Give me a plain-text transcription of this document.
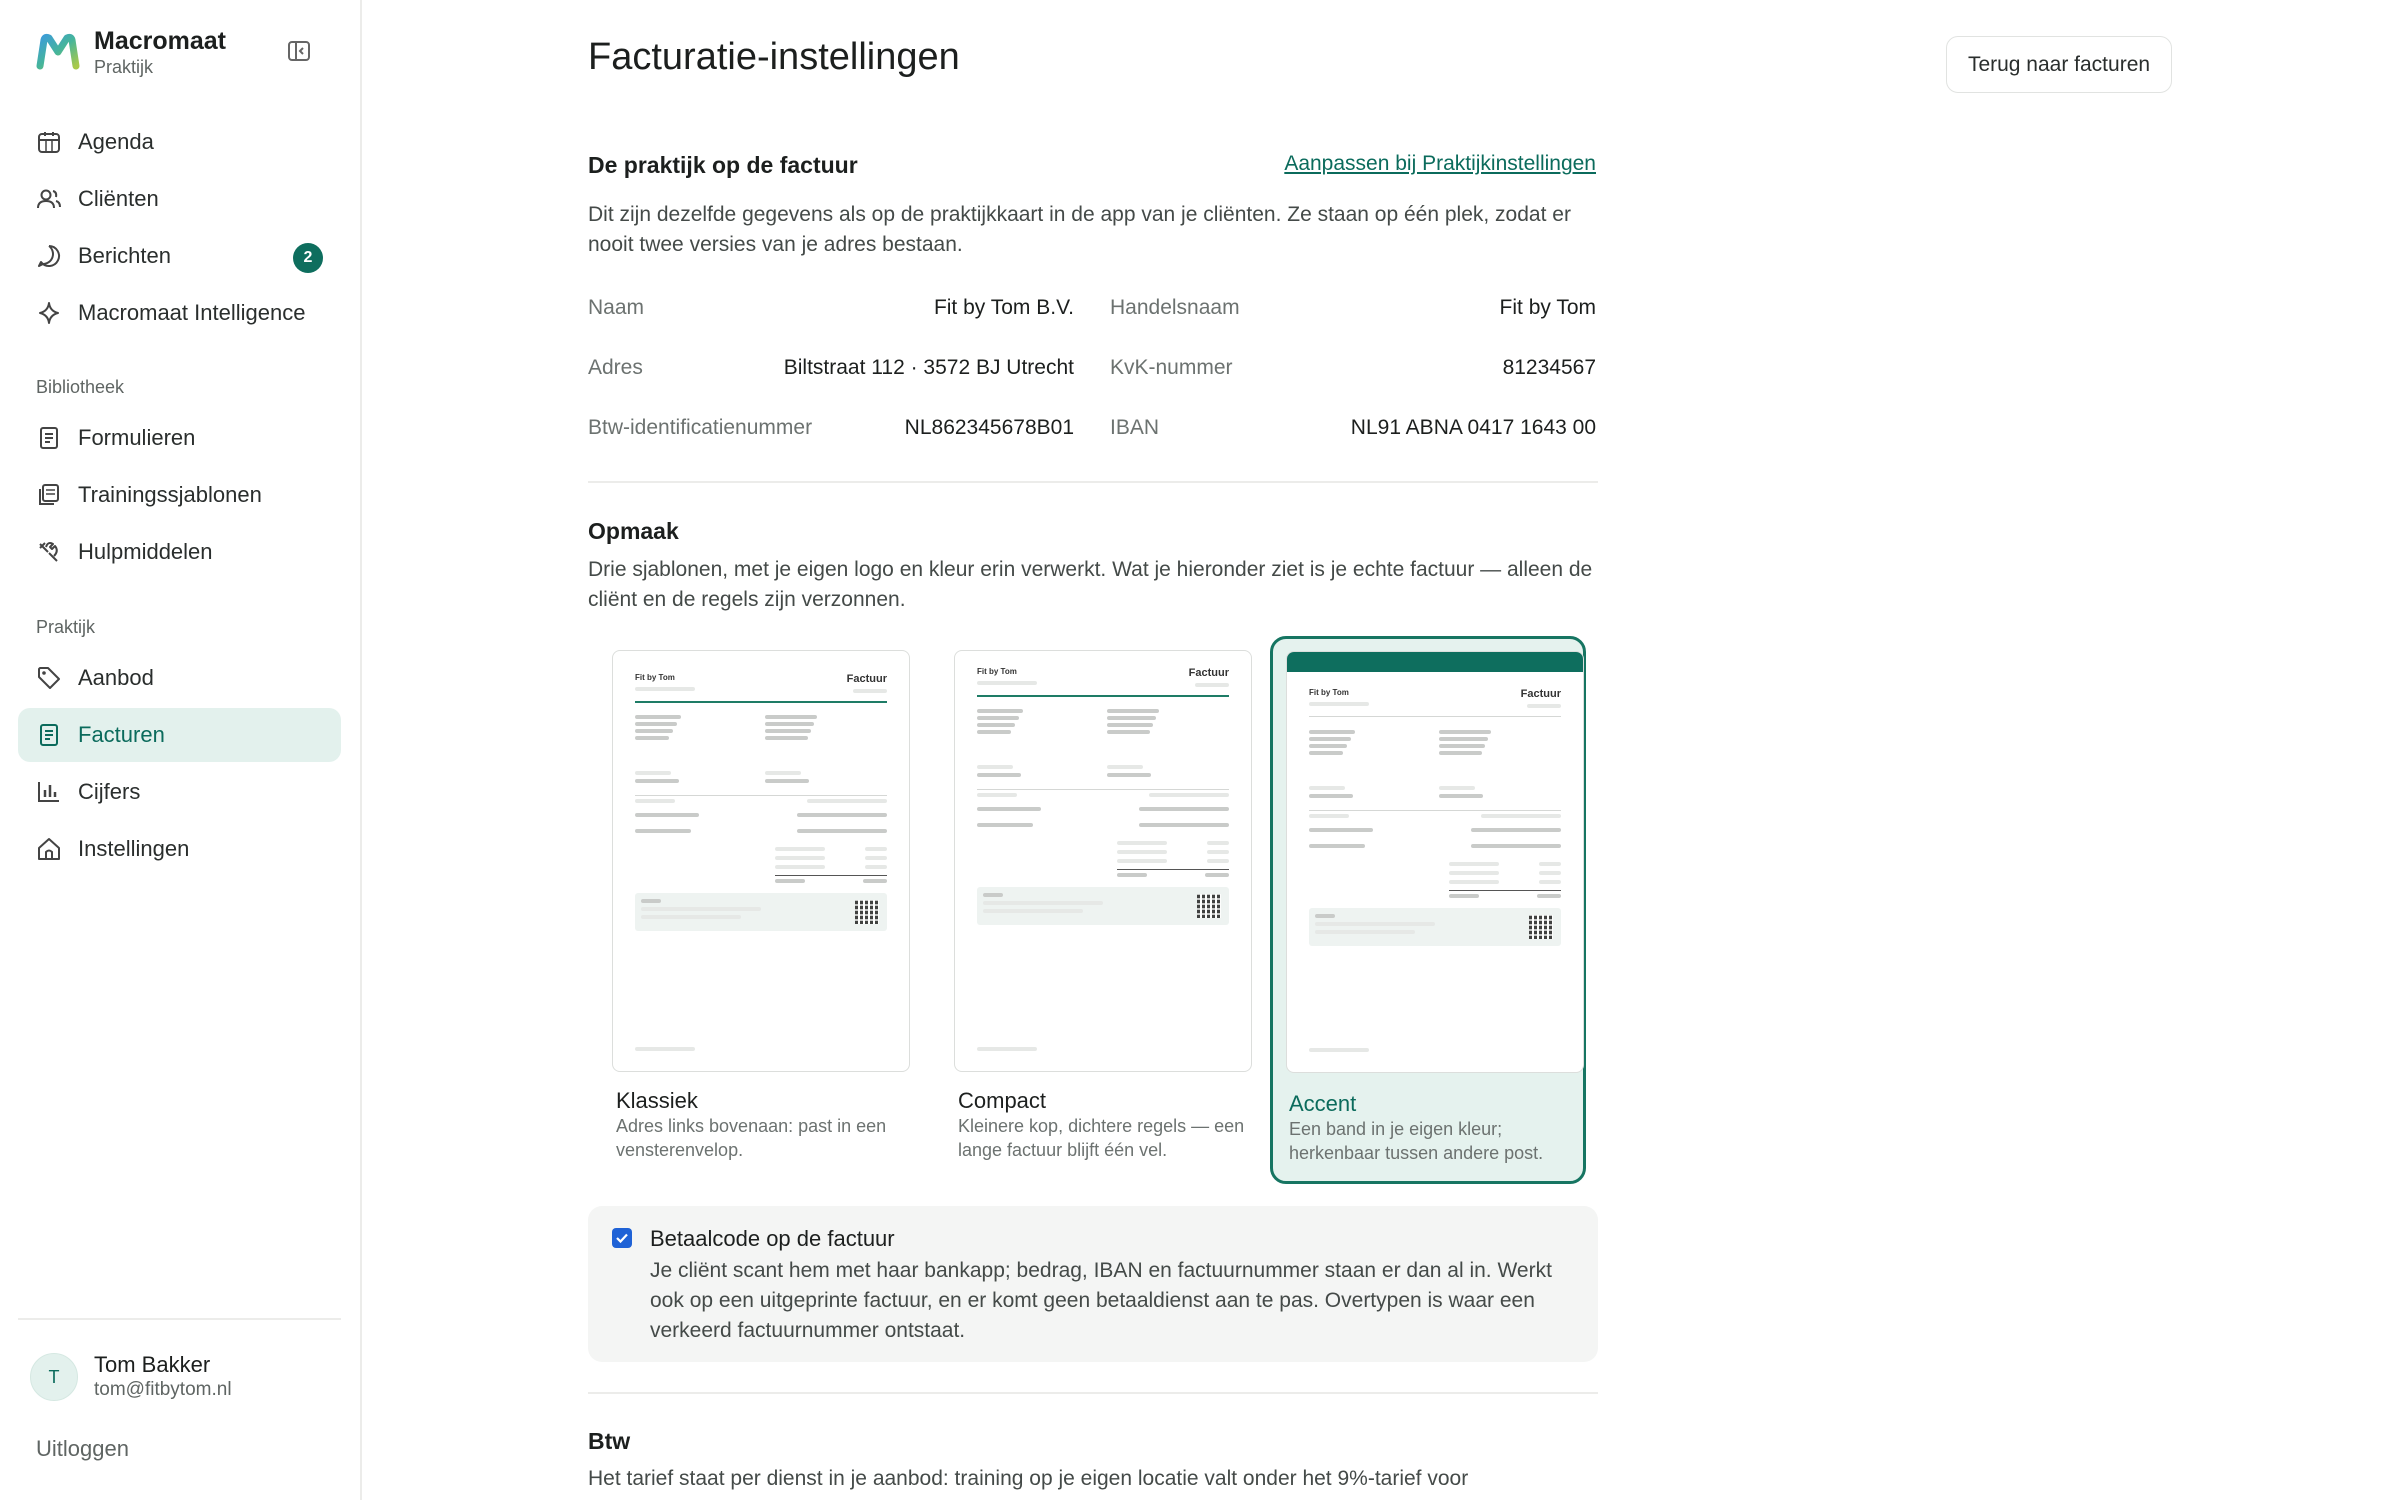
Macromaat
Praktijk
Agenda
Cliënten
Berichten	2
Macromaat Intelligence
Bibliotheek
Formulieren
Trainingssjablonen
Hulpmiddelen
Praktijk
Aanbod
Facturen
Cijfers
Instellingen
T	Tom Bakker
tom@fitbytom.nl
Uitloggen
Facturatie-instellingen	Terug naar facturen
De praktijk op de factuur	Aanpassen bij Praktijkinstellingen

Dit zijn dezelfde gegevens als op de praktijkkaart in de app van je cliënten. Ze staan op één plek, zodat er nooit twee versies van je adres bestaan.

Naam	Fit by Tom B.V. Handelsnaam	Fit by Tom
Adres	Biltstraat 112 · 3572 BJ Utrecht KvK-nummer	81234567
Btw-identificatienummer	NL862345678B01 IBAN	NL91 ABNA 0417 1643 00
Opmaak

Drie sjablonen, met je eigen logo en kleur erin verwerkt. Wat je hieronder ziet is je echte factuur — alleen de cliënt en de regels zijn verzonnen.

Fit by Tom	Factuur
Klassiek
Adres links bovenaan: past in een vensterenvelop.
Fit by Tom	Factuur
Compact
Kleinere kop, dichtere regels — een lange factuur blijft één vel.
Fit by Tom	Factuur
Accent
Een band in je eigen kleur; herkenbaar tussen andere post.
Betaalcode op de factuur

Je cliënt scant hem met haar bankapp; bedrag, IBAN en factuurnummer staan er dan al in. Werkt ook op een uitgeprinte factuur, en er komt geen betaaldienst aan te pas. Overtypen is waar een verkeerd factuurnummer ontstaat.

Btw

Het tarief staat per dienst in je aanbod: training op je eigen locatie valt onder het 9%-tarief voor
